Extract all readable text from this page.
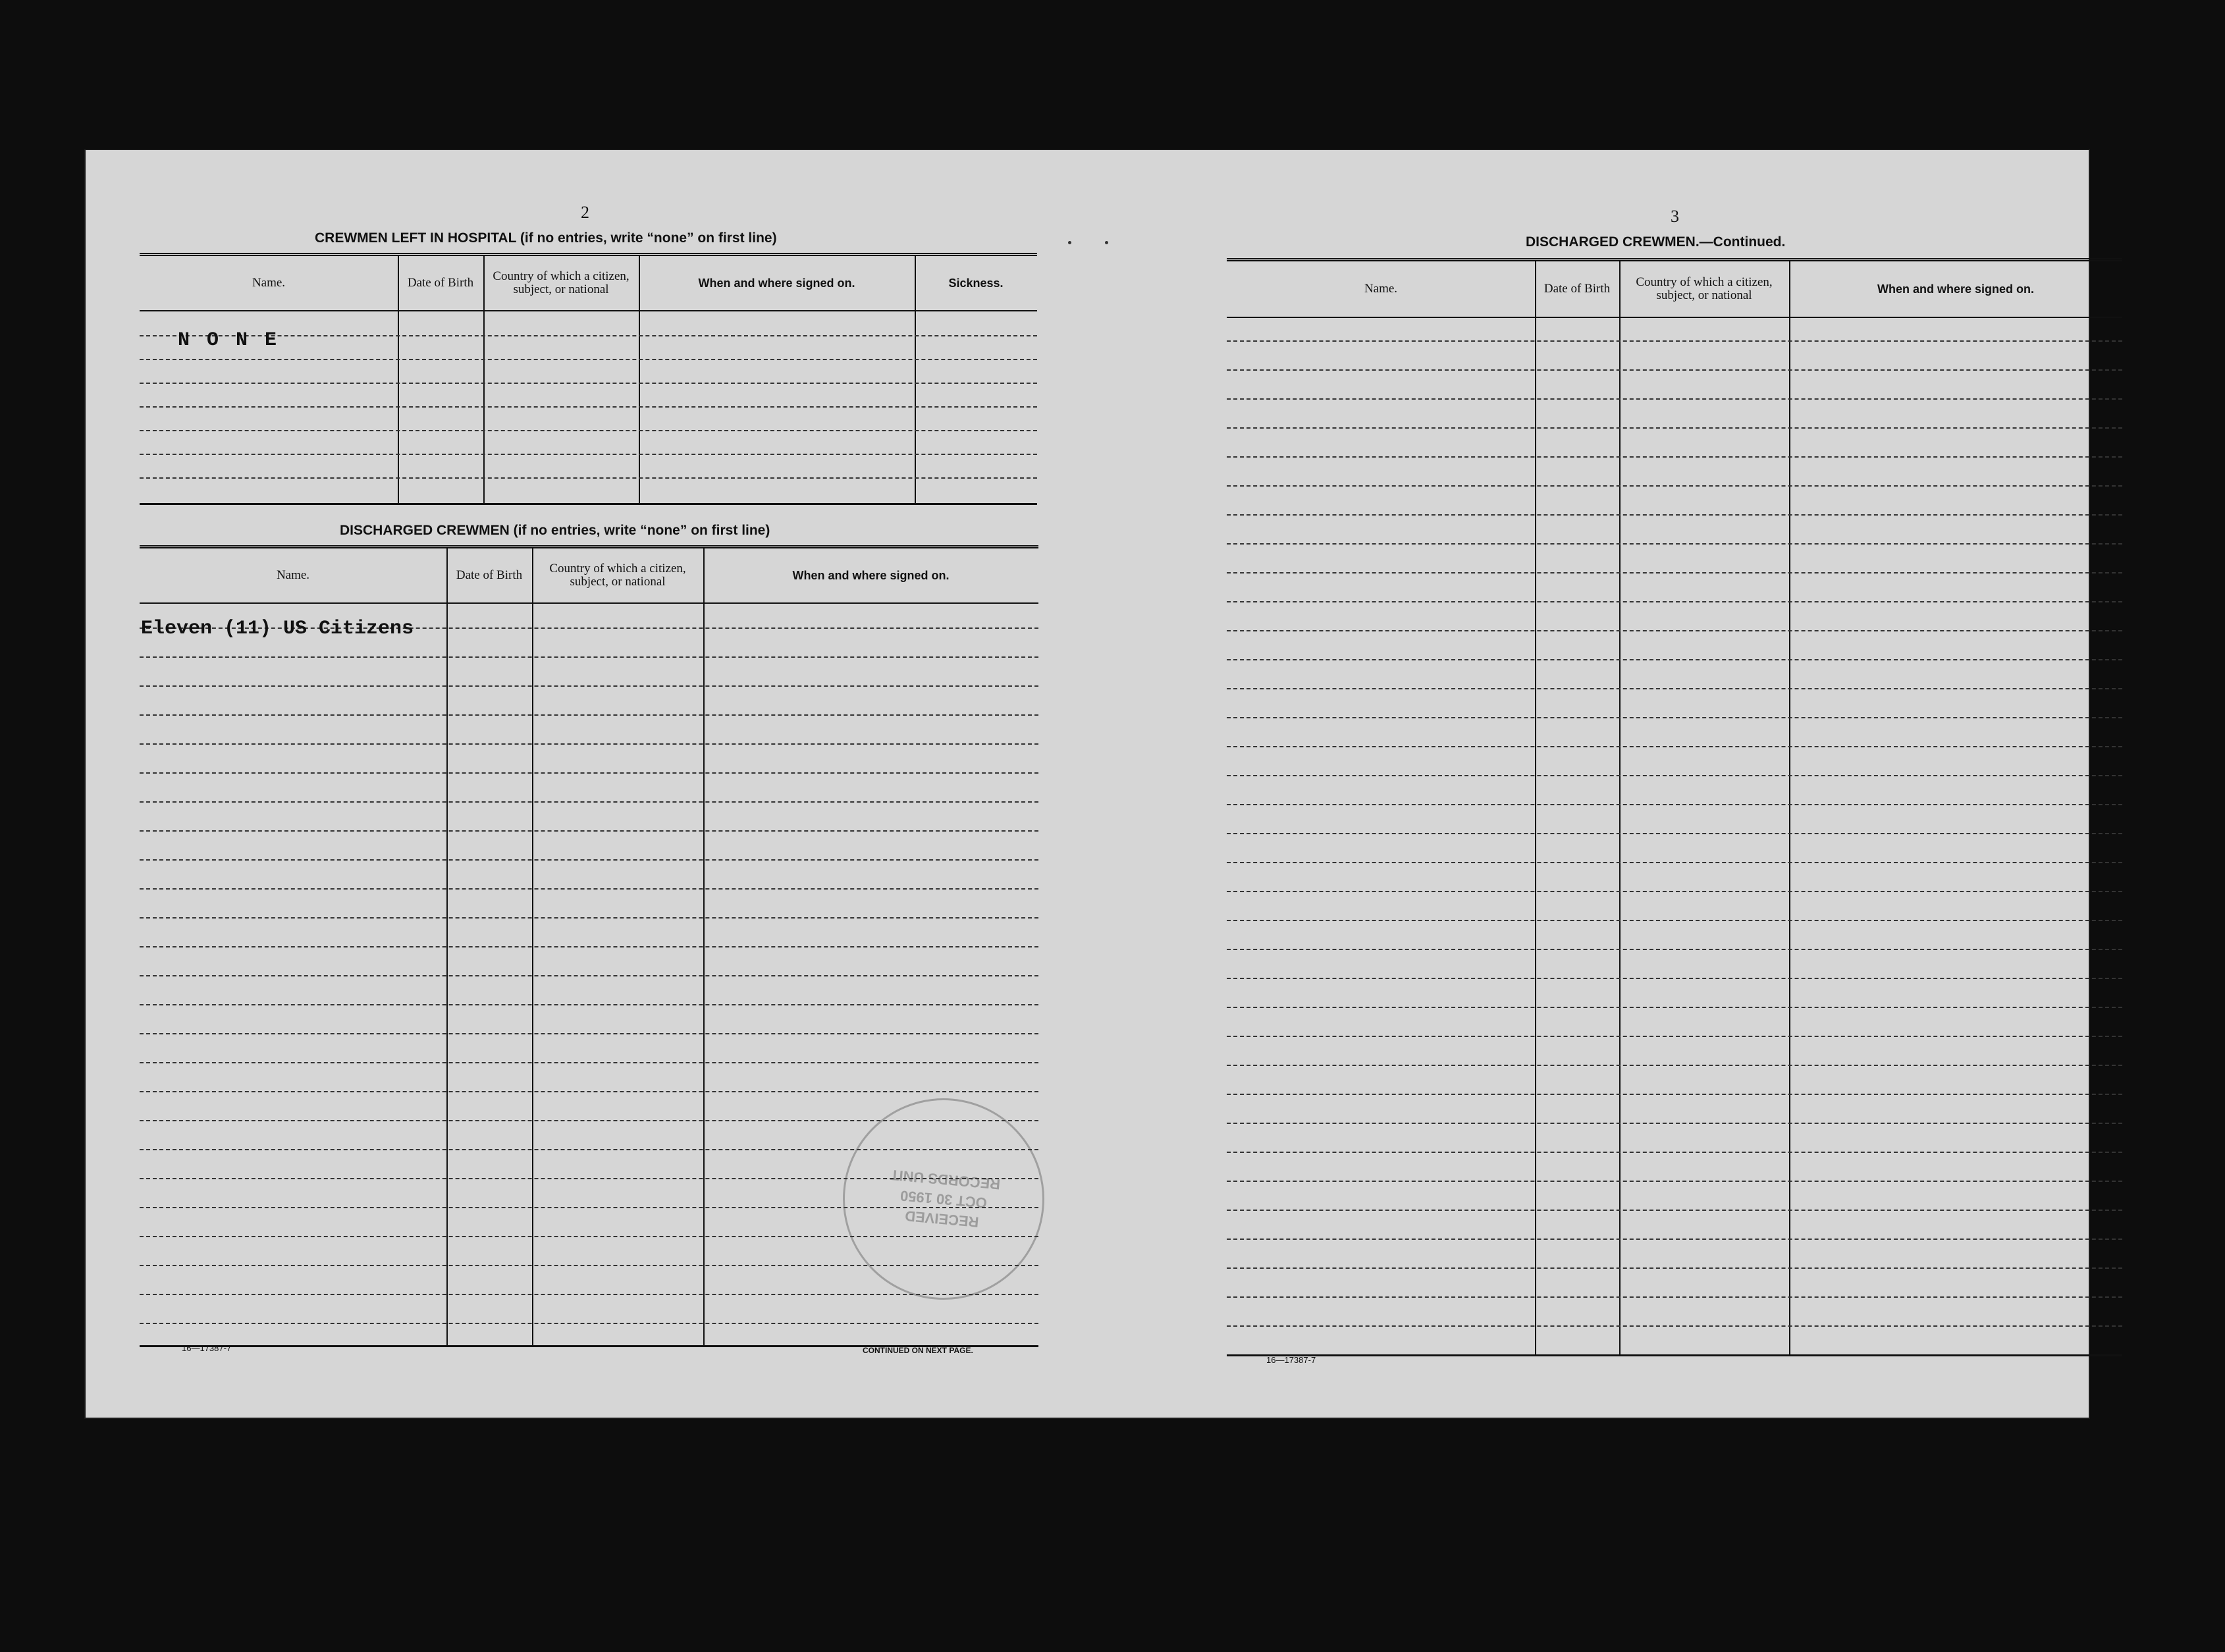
2
CREWMEN LEFT IN HOSPITAL (if no entries, write “none” on first line)
Name.	Date of Birth	Country of which a citizen, subject, or national	When and where signed on.	Sickness.
N O N E
DISCHARGED CREWMEN (if no entries, write “none” on first line)
Name.	Date of Birth	Country of which a citizen, subject, or national	When and where signed on.
Eleven (11) US Citizens
16—17387-7	CONTINUED ON NEXT PAGE.
RECEIVED
OCT 30 1950
RECORDS UNIT
3
DISCHARGED CREWMEN.—Continued.
Name.	Date of Birth	Country of which a citizen, subject, or national	When and where signed on.
16—17387-7
